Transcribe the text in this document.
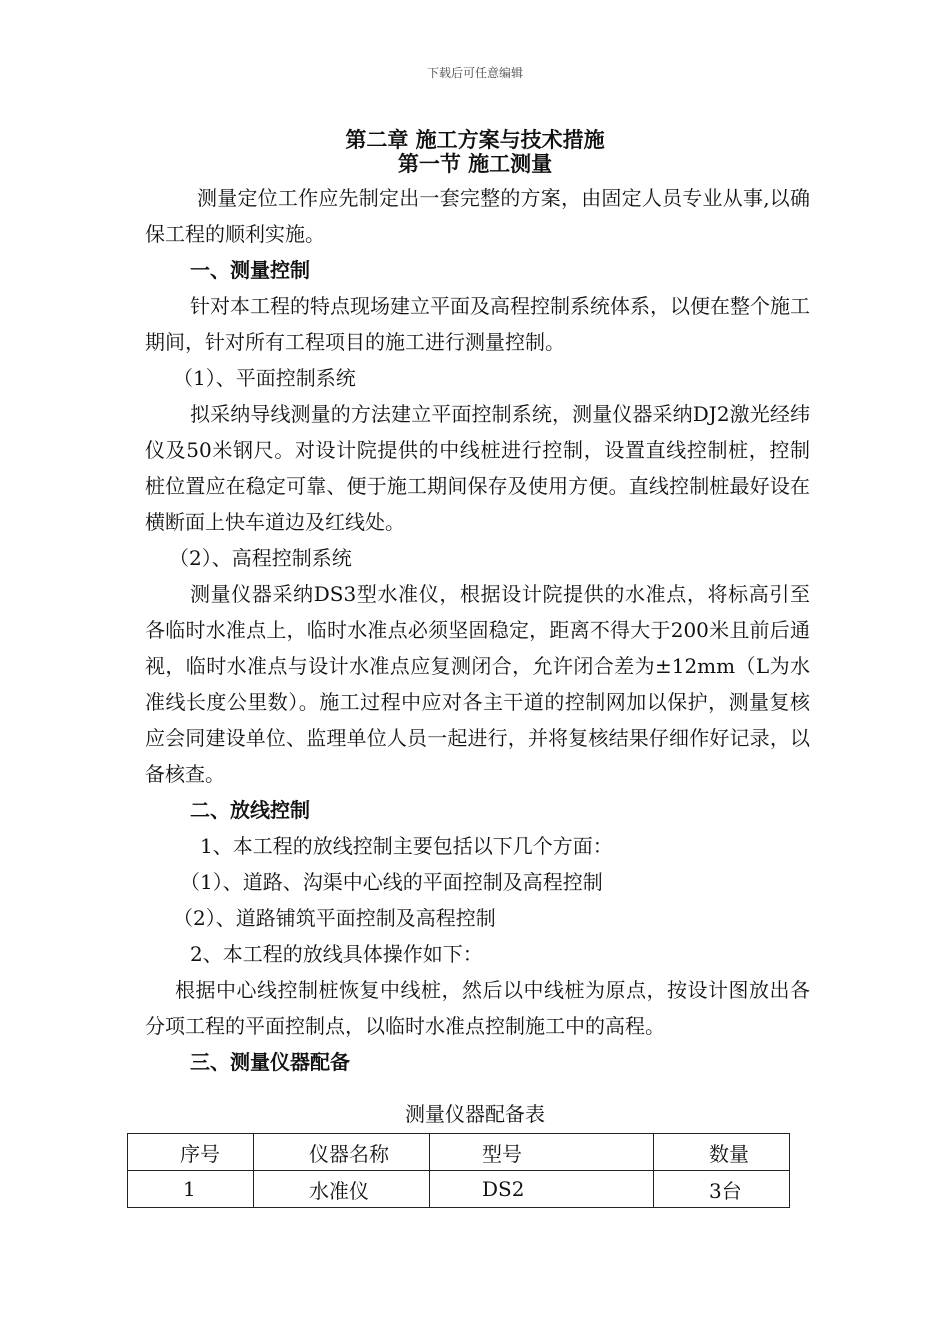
下载后可任意编辑
第二章 施工方案与技术措施
第一节 施工测量

测量定位工作应先制定出一套完整的方案，由固定人员专业从事,以确保工程的顺利实施。

一、测量控制

针对本工程的特点现场建立平面及高程控制系统体系，以便在整个施工期间，针对所有工程项目的施工进行测量控制。

（1）、平面控制系统

拟采纳导线测量的方法建立平面控制系统，测量仪器采纳DJ2激光经纬仪及50米钢尺。对设计院提供的中线桩进行控制，设置直线控制桩，控制桩位置应在稳定可靠、便于施工期间保存及使用方便。直线控制桩最好设在横断面上快车道边及红线处。

（2）、高程控制系统

测量仪器采纳DS3型水准仪，根据设计院提供的水准点，将标高引至各临时水准点上，临时水准点必须坚固稳定，距离不得大于200米且前后通视，临时水准点与设计水准点应复测闭合，允许闭合差为±12mm（L为水准线长度公里数）。施工过程中应对各主干道的控制网加以保护，测量复核应会同建设单位、监理单位人员一起进行，并将复核结果仔细作好记录，以备核查。

二、放线控制

1、本工程的放线控制主要包括以下几个方面：

（1）、道路、沟渠中心线的平面控制及高程控制

（2）、道路铺筑平面控制及高程控制

2、本工程的放线具体操作如下：

根据中心线控制桩恢复中线桩，然后以中线桩为原点，按设计图放出各分项工程的平面控制点，以临时水准点控制施工中的高程。

三、测量仪器配备

测量仪器配备表
序号	仪器名称	型号	数量
1	水准仪	DS2	3台
